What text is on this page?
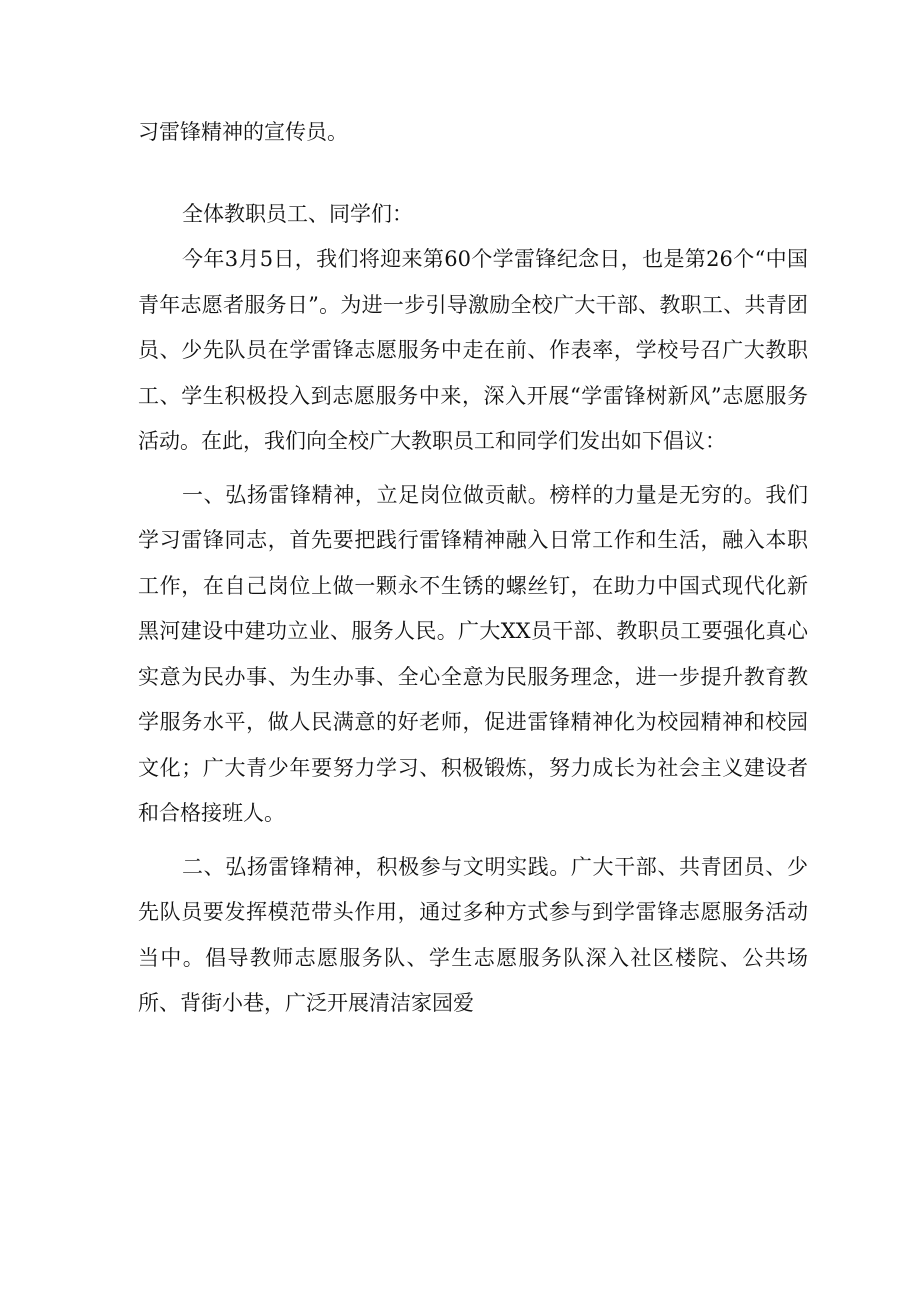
习雷锋精神的宣传员。

全体教职员工、同学们：

今年3月5日，我们将迎来第60个学雷锋纪念日，也是第26个“中国青年志愿者服务日”。为进一步引导激励全校广大干部、教职工、共青团员、少先队员在学雷锋志愿服务中走在前、作表率，学校号召广大教职工、学生积极投入到志愿服务中来，深入开展“学雷锋树新风”志愿服务活动。在此，我们向全校广大教职员工和同学们发出如下倡议：

一、弘扬雷锋精神，立足岗位做贡献。榜样的力量是无穷的。我们学习雷锋同志，首先要把践行雷锋精神融入日常工作和生活，融入本职工作，在自己岗位上做一颗永不生锈的螺丝钉，在助力中国式现代化新黑河建设中建功立业、服务人民。广大XX员干部、教职员工要强化真心实意为民办事、为生办事、全心全意为民服务理念，进一步提升教育教学服务水平，做人民满意的好老师，促进雷锋精神化为校园精神和校园文化；广大青少年要努力学习、积极锻炼，努力成长为社会主义建设者和合格接班人。

二、弘扬雷锋精神，积极参与文明实践。广大干部、共青团员、少先队员要发挥模范带头作用，通过多种方式参与到学雷锋志愿服务活动当中。倡导教师志愿服务队、学生志愿服务队深入社区楼院、公共场所、背街小巷，广泛开展清洁家园爱
